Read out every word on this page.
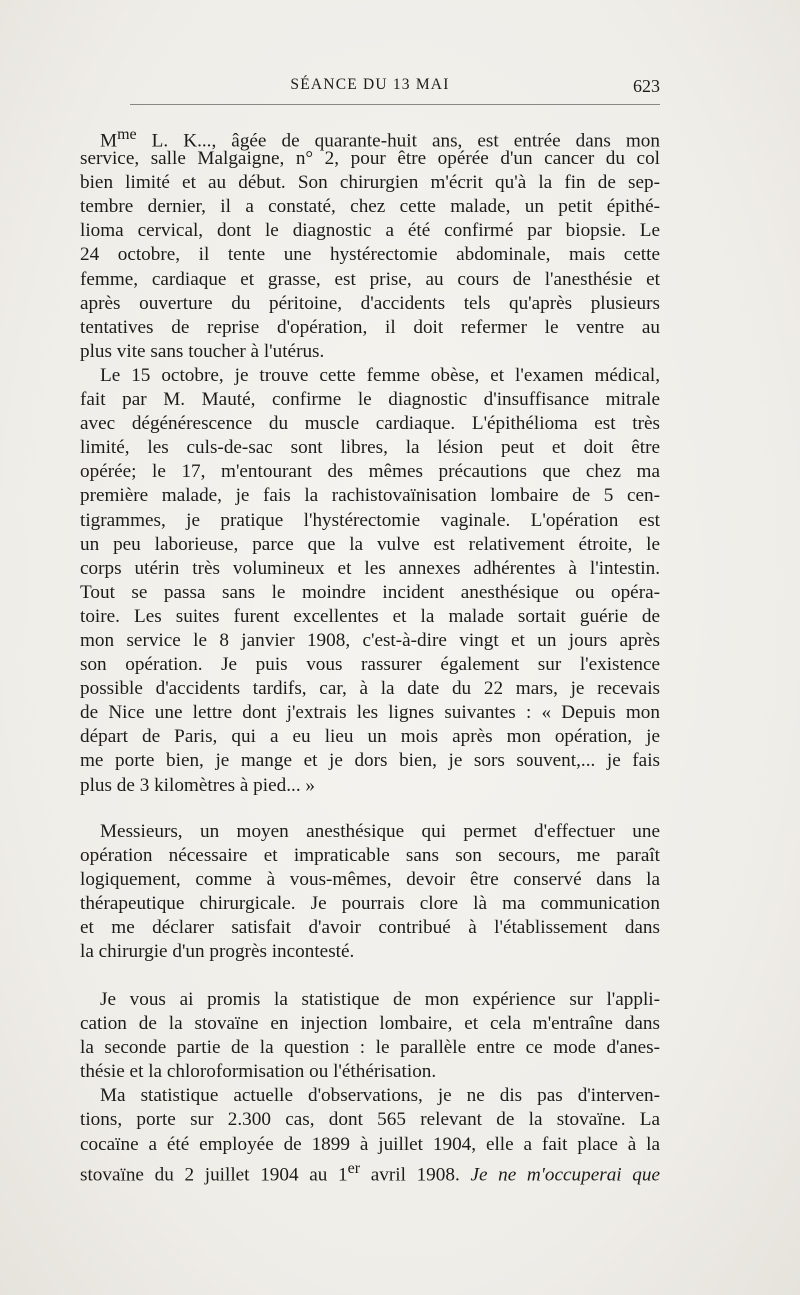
SÉANCE DU 13 MAI	623
$M^{me}$ L. K..., âgée de quarante-huit ans, est entrée dans mon
service, salle Malgaigne, n° 2, pour être opérée d'un cancer du col
bien limité et au début. Son chirurgien m'écrit qu'à la fin de sep-
tembre dernier, il a constaté, chez cette malade, un petit épithé-
lioma cervical, dont le diagnostic a été confirmé par biopsie. Le
24 octobre, il tente une hystérectomie abdominale, mais cette
femme, cardiaque et grasse, est prise, au cours de l'anesthésie et
après ouverture du péritoine, d'accidents tels qu'après plusieurs
tentatives de reprise d'opération, il doit refermer le ventre au
plus vite sans toucher à l'utérus.
Le 15 octobre, je trouve cette femme obèse, et l'examen médical,
fait par M. Mauté, confirme le diagnostic d'insuffisance mitrale
avec dégénérescence du muscle cardiaque. L'épithélioma est très
limité, les culs-de-sac sont libres, la lésion peut et doit être
opérée; le 17, m'entourant des mêmes précautions que chez ma
première malade, je fais la rachistovaïnisation lombaire de 5 cen-
tigrammes, je pratique l'hystérectomie vaginale. L'opération est
un peu laborieuse, parce que la vulve est relativement étroite, le
corps utérin très volumineux et les annexes adhérentes à l'intestin.
Tout se passa sans le moindre incident anesthésique ou opéra-
toire. Les suites furent excellentes et la malade sortait guérie de
mon service le 8 janvier 1908, c'est-à-dire vingt et un jours après
son opération. Je puis vous rassurer également sur l'existence
possible d'accidents tardifs, car, à la date du 22 mars, je recevais
de Nice une lettre dont j'extrais les lignes suivantes : « Depuis mon
départ de Paris, qui a eu lieu un mois après mon opération, je
me porte bien, je mange et je dors bien, je sors souvent,... je fais
plus de 3 kilomètres à pied... »
Messieurs, un moyen anesthésique qui permet d'effectuer une
opération nécessaire et impraticable sans son secours, me paraît
logiquement, comme à vous-mêmes, devoir être conservé dans la
thérapeutique chirurgicale. Je pourrais clore là ma communication
et me déclarer satisfait d'avoir contribué à l'établissement dans
la chirurgie d'un progrès incontesté.
Je vous ai promis la statistique de mon expérience sur l'appli-
cation de la stovaïne en injection lombaire, et cela m'entraîne dans
la seconde partie de la question : le parallèle entre ce mode d'anes-
thésie et la chloroformisation ou l'éthérisation.
Ma statistique actuelle d'observations, je ne dis pas d'interven-
tions, porte sur 2.300 cas, dont 565 relevant de la stovaïne. La
cocaïne a été employée de 1899 à juillet 1904, elle a fait place à la
stovaïne du 2 juillet 1904 au 1er avril 1908. Je ne m'occuperai que
